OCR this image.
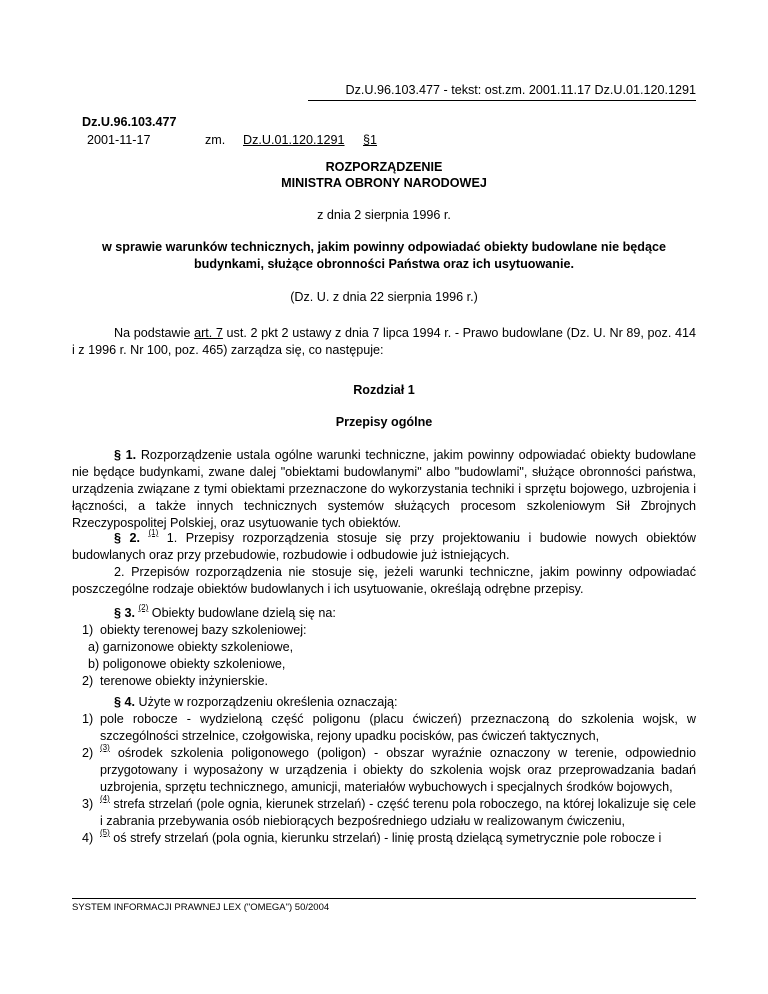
Dz.U.96.103.477 - tekst: ost.zm. 2001.11.17 Dz.U.01.120.1291
Dz.U.96.103.477
2001-11-17	zm. Dz.U.01.120.1291 §1
ROZPORZĄDZENIE
MINISTRA OBRONY NARODOWEJ
z dnia 2 sierpnia 1996 r.
w sprawie warunków technicznych, jakim powinny odpowiadać obiekty budowlane nie będące
budynkami, służące obronności Państwa oraz ich usytuowanie.
(Dz. U. z dnia 22 sierpnia 1996 r.)

Na podstawie art. 7 ust. 2 pkt 2 ustawy z dnia 7 lipca 1994 r. - Prawo budowlane (Dz. U. Nr 89, poz. 414 i z 1996 r. Nr 100, poz. 465) zarządza się, co następuje:

Rozdział 1
Przepisy ogólne

§ 1. Rozporządzenie ustala ogólne warunki techniczne, jakim powinny odpowiadać obiekty budowlane nie będące budynkami, zwane dalej "obiektami budowlanymi" albo "budowlami", służące obronności państwa, urządzenia związane z tymi obiektami przeznaczone do wykorzystania techniki i sprzętu bojowego, uzbrojenia i łączności, a także innych technicznych systemów służących procesom szkoleniowym Sił Zbrojnych Rzeczypospolitej Polskiej, oraz usytuowanie tych obiektów.

§ 2. $^{(1)}$ 1. Przepisy rozporządzenia stosuje się przy projektowaniu i budowie nowych obiektów budowlanych oraz przy przebudowie, rozbudowie i odbudowie już istniejących.

2. Przepisów rozporządzenia nie stosuje się, jeżeli warunki techniczne, jakim powinny odpowiadać poszczególne rodzaje obiektów budowlanych i ich usytuowanie, określają odrębne przepisy.

§ 3. $^{(2)}$ Obiekty budowlane dzielą się na:
1) obiekty terenowej bazy szkoleniowej:
a) garnizonowe obiekty szkoleniowe,
b) poligonowe obiekty szkoleniowe,
2) terenowe obiekty inżynierskie.
§ 4. Użyte w rozporządzeniu określenia oznaczają:
1) pole robocze - wydzieloną część poligonu (placu ćwiczeń) przeznaczoną do szkolenia wojsk, w szczególności strzelnice, czołgowiska, rejony upadku pocisków, pas ćwiczeń taktycznych,
2) $^{(3)}$ ośrodek szkolenia poligonowego (poligon) - obszar wyraźnie oznaczony w terenie, odpowiednio przygotowany i wyposażony w urządzenia i obiekty do szkolenia wojsk oraz przeprowadzania badań uzbrojenia, sprzętu technicznego, amunicji, materiałów wybuchowych i specjalnych środków bojowych,
3) $^{(4)}$ strefa strzelań (pole ognia, kierunek strzelań) - część terenu pola roboczego, na której lokalizuje się cele i zabrania przebywania osób niebiorących bezpośredniego udziału w realizowanym ćwiczeniu,
4) $^{(5)}$ oś strefy strzelań (pola ognia, kierunku strzelań) - linię prostą dzielącą symetrycznie pole robocze i
SYSTEM INFORMACJI PRAWNEJ LEX ("OMEGA") 50/2004
